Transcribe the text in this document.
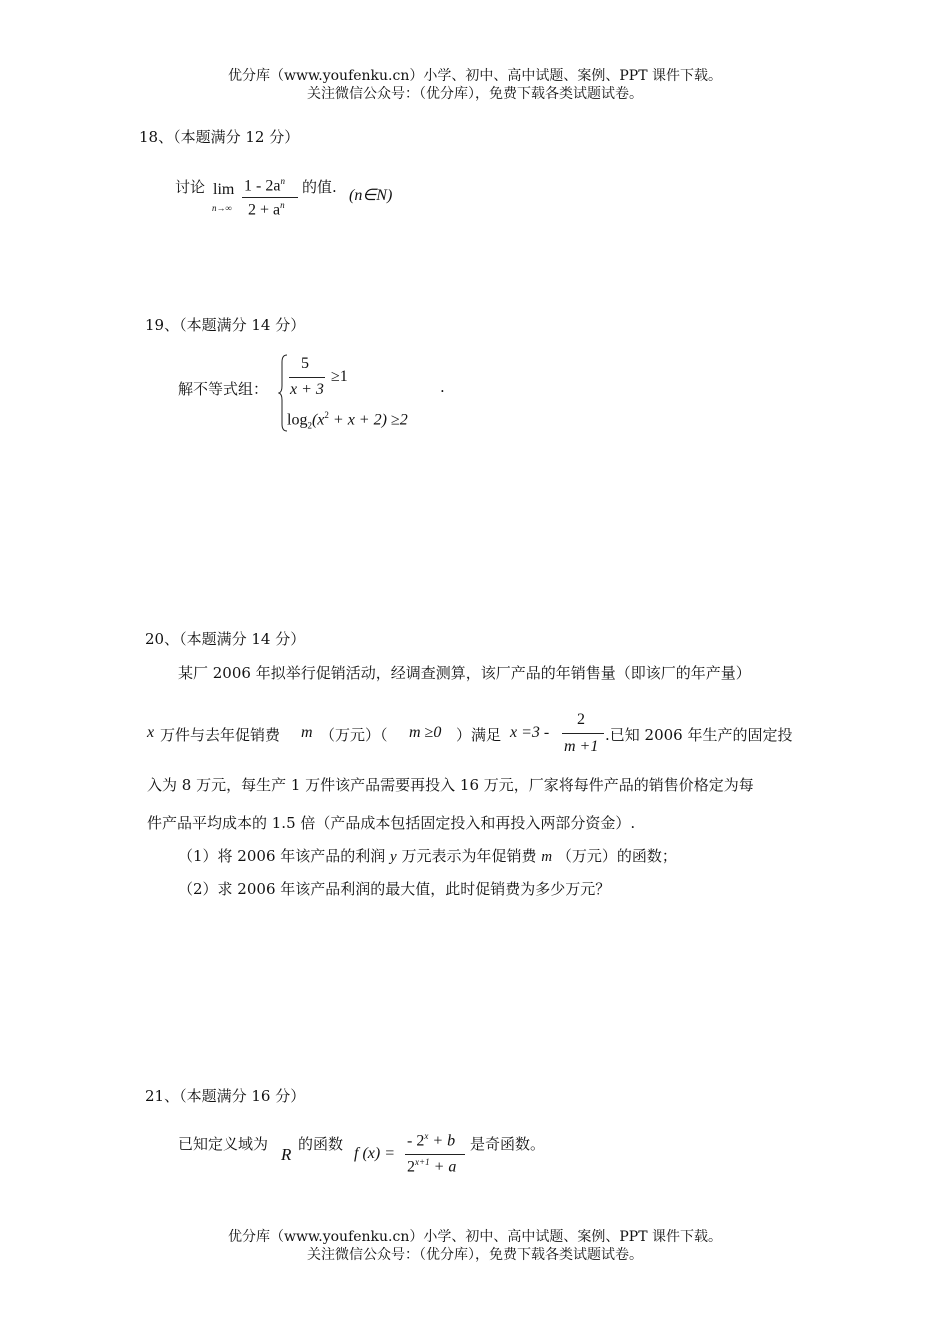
优分库（www.youfenku.cn）小学、初中、高中试题、案例、PPT 课件下载。
关注微信公众号：（优分库），免费下载各类试题试卷。
18、（本题满分 12 分）
讨论 lim
n→∞
$1 - 2a^n$
$2 + a^n$
的值. (n∈N)
19、（本题满分 14 分）
解不等式组：
5
x + 3
≥1
$\log_2(x^2 + x + 2) \ge 2$
.
20、（本题满分 14 分）
某厂 2006 年拟举行促销活动，经调查测算，该厂产品的年销售量（即该厂的年产量）
x 万件与去年促销费 m （万元）（ m ≥0 ）满足 x =3 -
2
m +1
.已知 2006 年生产的固定投
入为 8 万元，每生产 1 万件该产品需要再投入 16 万元，厂家将每件产品的销售价格定为每
件产品平均成本的 1.5 倍（产品成本包括固定投入和再投入两部分资金）.
（1）将 2006 年该产品的利润 y 万元表示为年促销费 m （万元）的函数；
（2）求 2006 年该产品利润的最大值，此时促销费为多少万元？
21、（本题满分 16 分）
已知定义域为
R
的函数
f (x) =
- $2^x + b$
$2^{x+1} + a$
是奇函数。
优分库（www.youfenku.cn）小学、初中、高中试题、案例、PPT 课件下载。
关注微信公众号：（优分库），免费下载各类试题试卷。
